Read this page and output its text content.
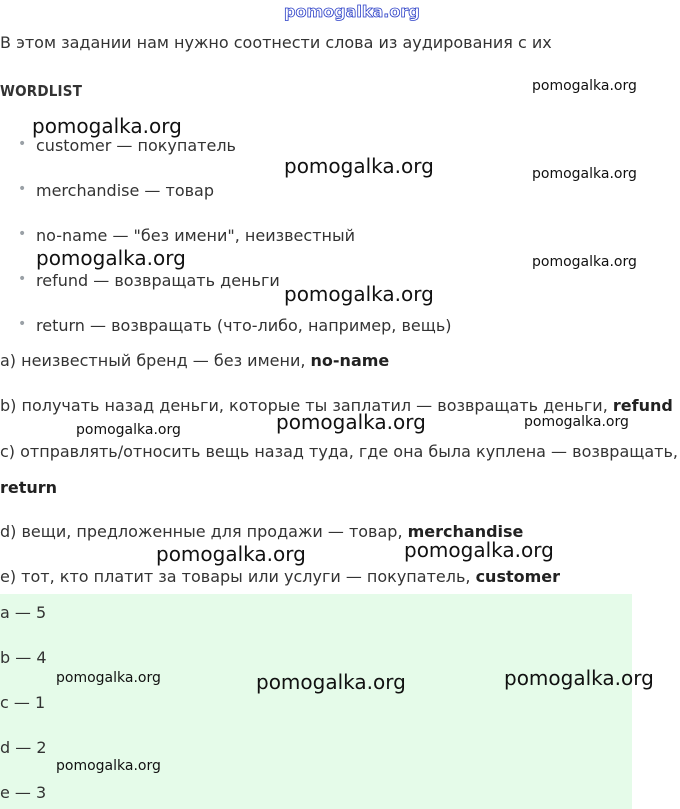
pomogalka.org
В этом задании нам нужно соотнести слова из аудирования с их
WORDLIST
• customer — покупатель
• merchandise — товар
• no-name — "без имени", неизвестный
• refund — возвращать деньги
• return — возвращать (что-либо, например, вещь)
a) неизвестный бренд — без имени, no-name
b) получать назад деньги, которые ты заплатил — возвращать деньги, refund
c) отправлять/относить вещь назад туда, где она была куплена — возвращать,
return
d) вещи, предложенные для продажи — товар, merchandise
e) тот, кто платит за товары или услуги — покупатель, customer
a — 5
b — 4
c — 1
d — 2
e — 3
pomogalka.org
pomogalka.org
pomogalka.org	pomogalka.org
pomogalka.org	pomogalka.org
pomogalka.org
pomogalka.org	pomogalka.org
pomogalka.org
pomogalka.org
pomogalka.org
pomogalka.org
pomogalka.org	pomogalka.org
pomogalka.org
